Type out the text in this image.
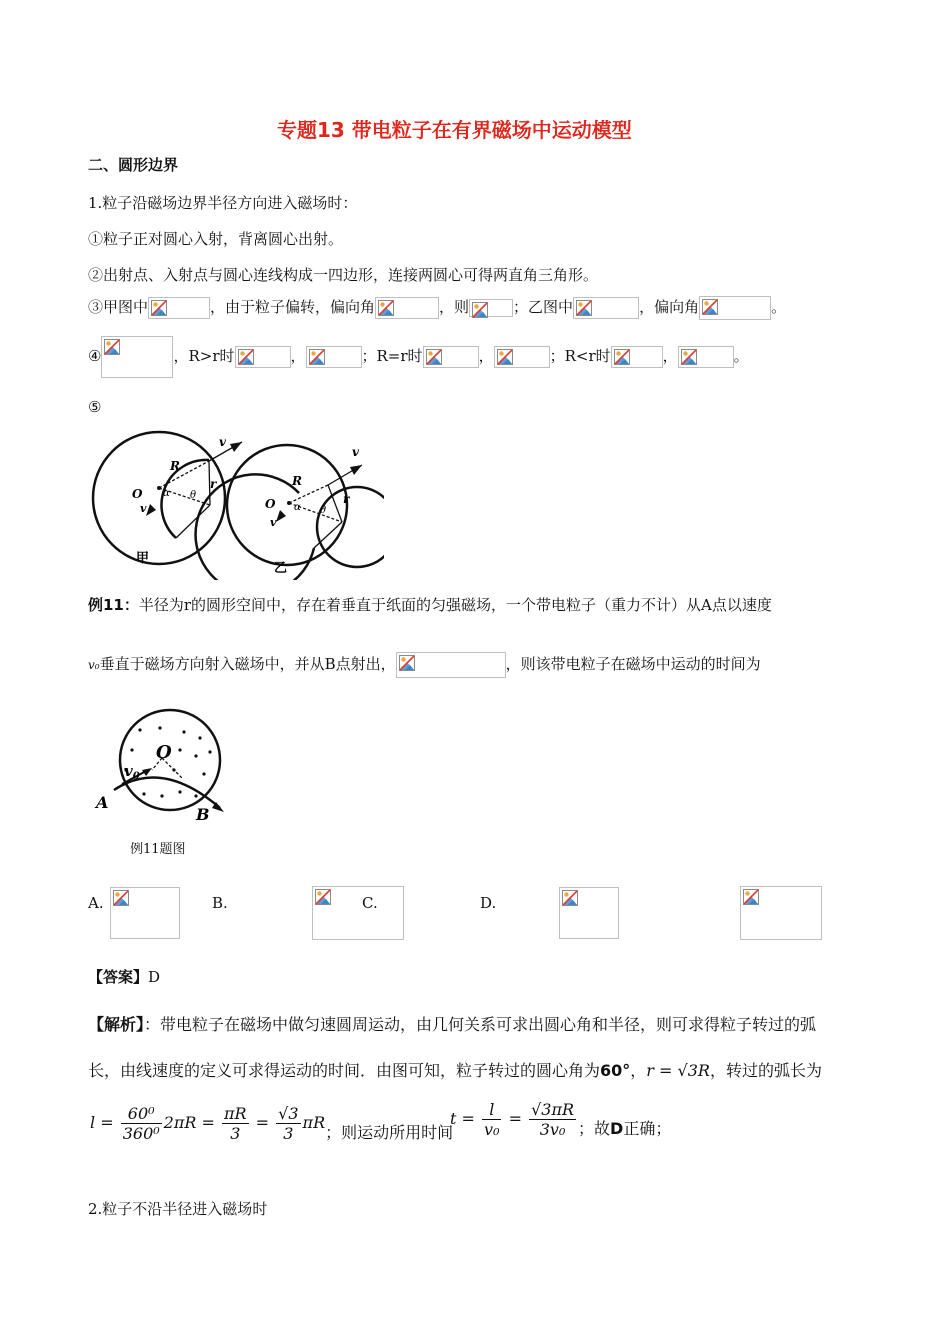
专题13 带电粒子在有界磁场中运动模型
二、圆形边界
1.粒子沿磁场边界半径方向进入磁场时：
①粒子正对圆心入射，背离圆心出射。
②出射点、入射点与圆心连线构成一四边形，连接两圆心可得两直角三角形。
③甲图中	，由于粒子偏转，偏向角	，则	；乙图中	，偏向角	。
④	，R>r时	，	；R=r时	，	；R<r时	，	。
⑤
v
v
R
R
r
r
O
O
α
α
θ
θ
v
v
甲
乙
例11：半径为r的圆形空间中，存在着垂直于纸面的匀强磁场，一个带电粒子（重力不计）从A点以速度
v₀垂直于磁场方向射入磁场中，并从B点射出，	，则该带电粒子在磁场中运动的时间为
O
$v_0$
A
B
例11题图
A.
	B.
	C.
	D.
【答案】D
【解析】：带电粒子在磁场中做匀速圆周运动，由几何关系可求出圆心角和半径，则可求得粒子转过的弧
长，由线速度的定义可求得运动的时间．由图可知，粒子转过的圆心角为60°，r = √3R，转过的弧长为
$l = \frac{\text{60⁰}}{\text{360⁰}} 2\pi R = \frac{\pi R}{3} = \frac{√3}{3}$ πR；则运动所用时间
$t = \frac{l}{\text{v₀}} = \frac{√3\pi R}{\text{3v₀}}$ ；故D正确；
2.粒子不沿半径进入磁场时
